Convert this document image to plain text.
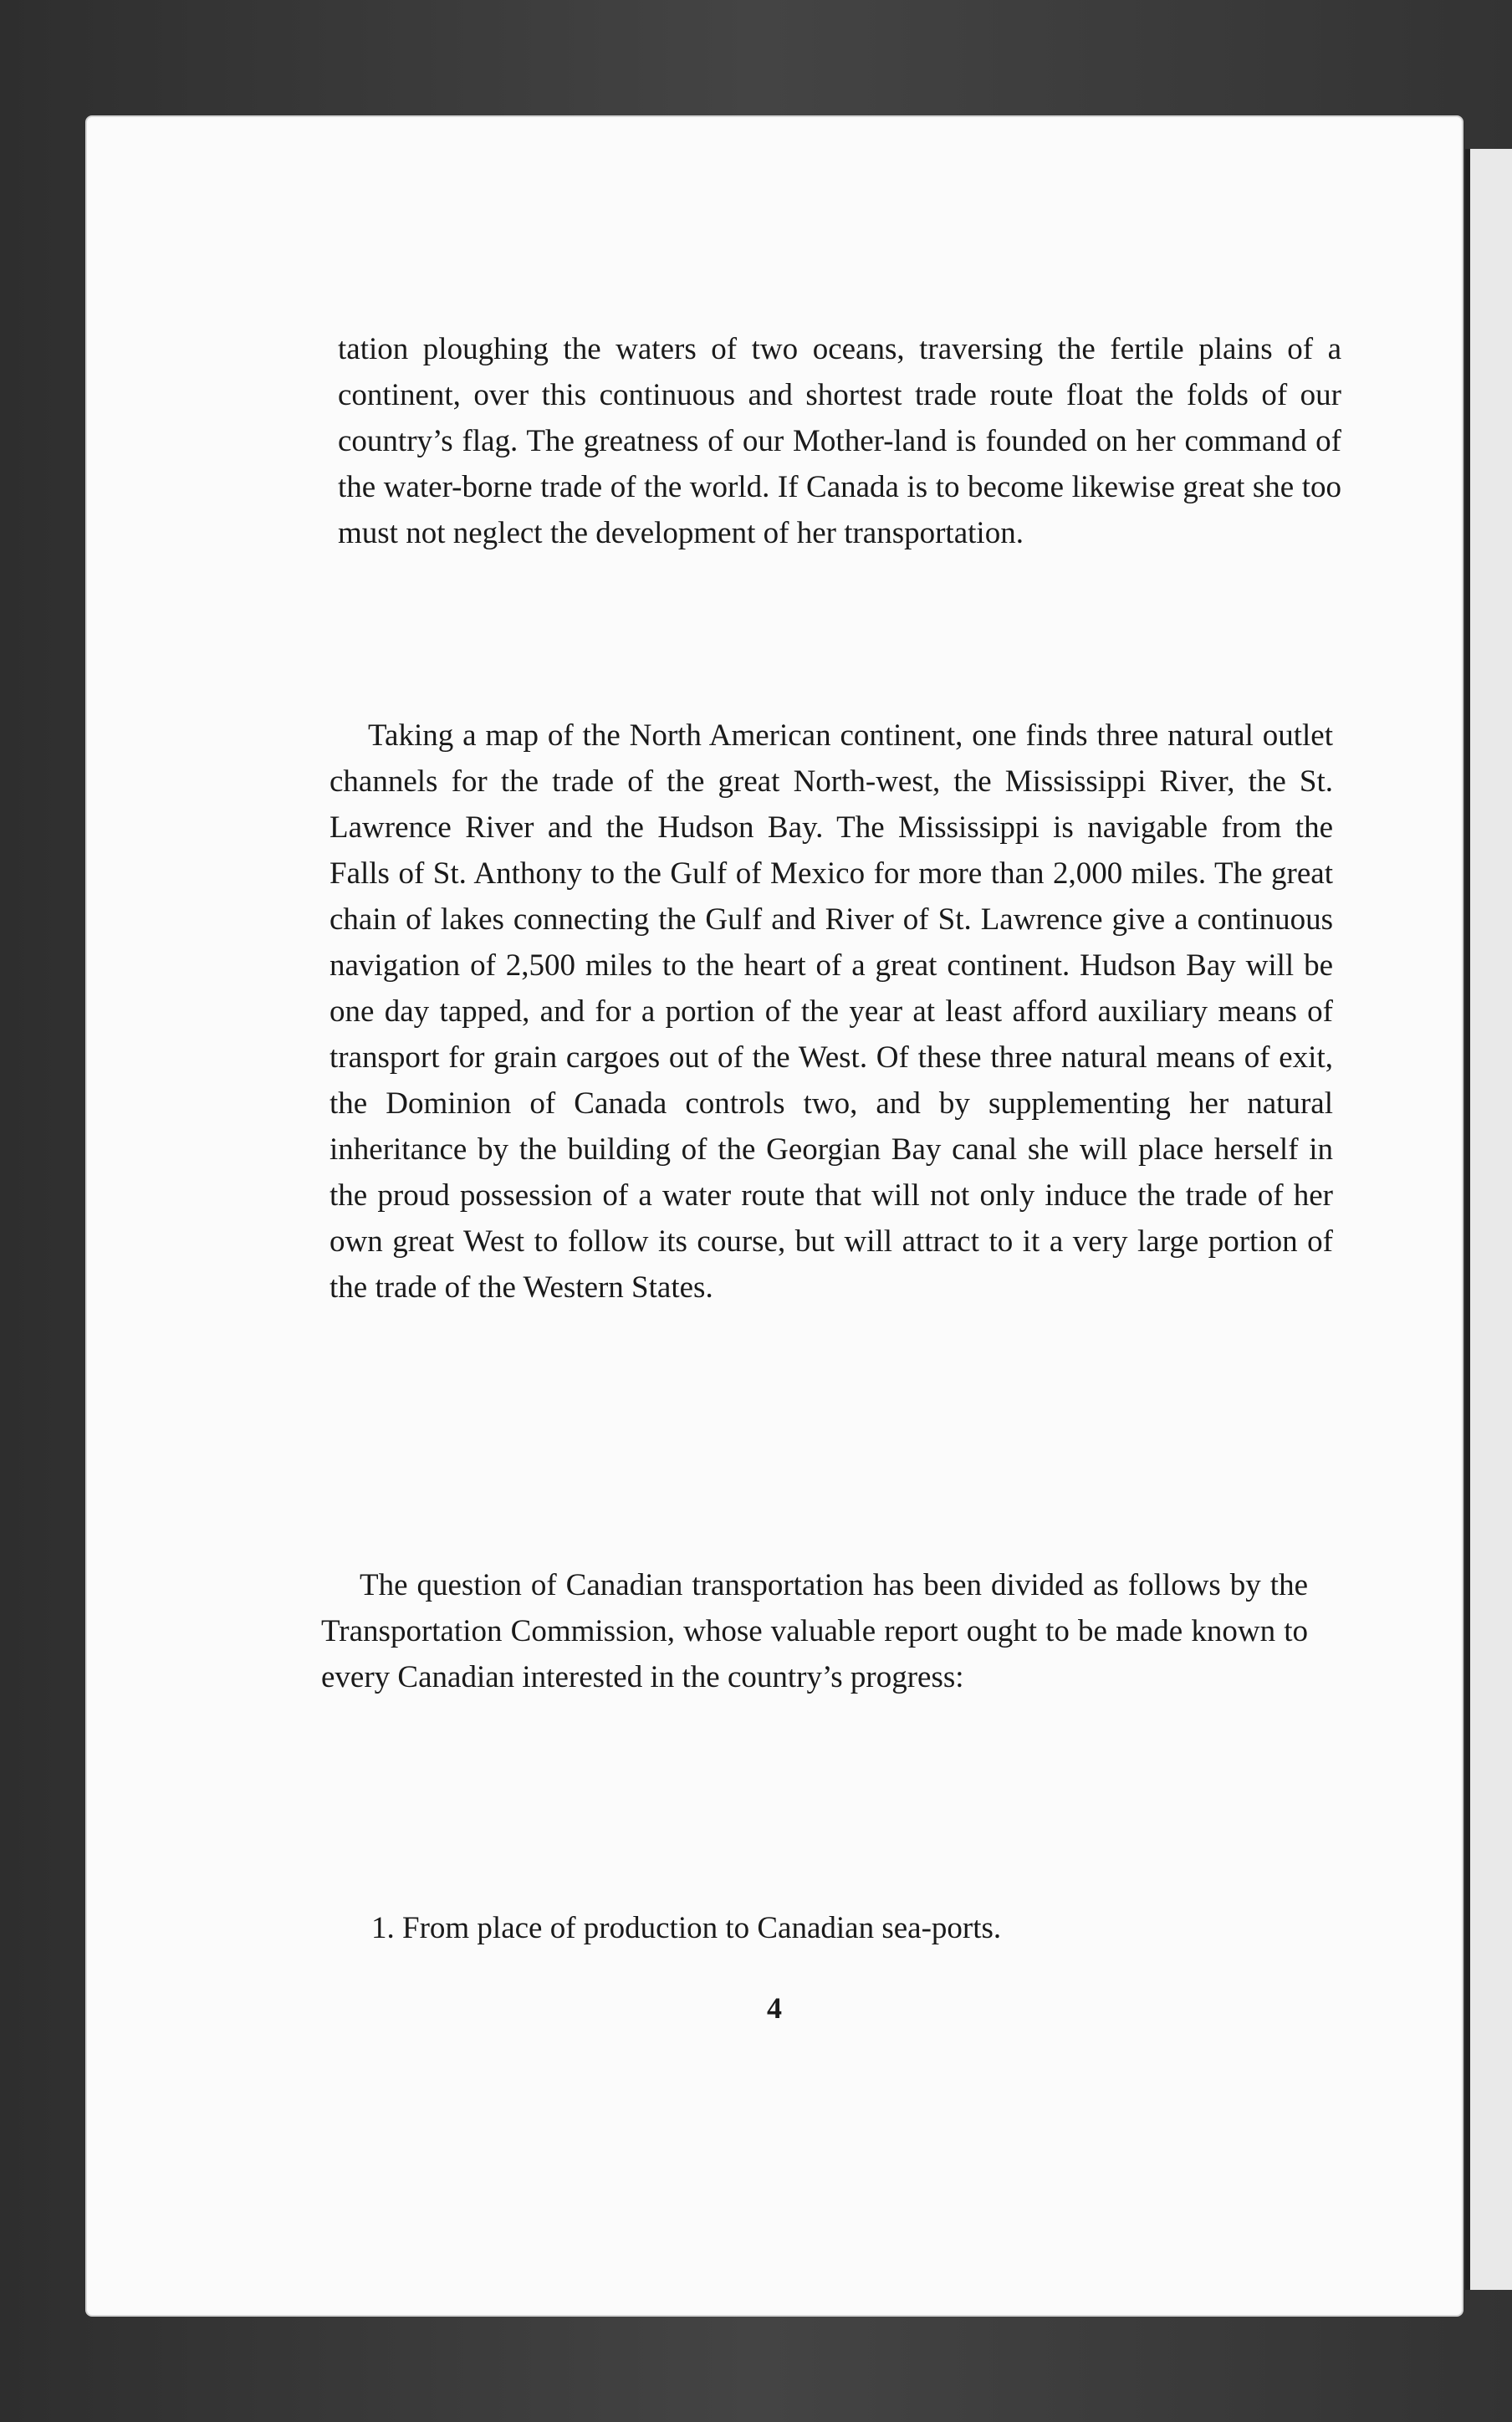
tation ploughing the waters of two oceans, traversing the fertile plains of a continent, over this continuous and shortest trade route float the folds of our country’s flag. The greatness of our Mother-land is founded on her command of the water-borne trade of the world. If Canada is to become likewise great she too must not neglect the development of her transportation.

Taking a map of the North American continent, one finds three natural outlet channels for the trade of the great North-west, the Mississippi River, the St. Lawrence River and the Hudson Bay. The Mississippi is navigable from the Falls of St. Anthony to the Gulf of Mexico for more than 2,000 miles. The great chain of lakes connecting the Gulf and River of St. Lawrence give a continuous navigation of 2,500 miles to the heart of a great continent. Hudson Bay will be one day tapped, and for a portion of the year at least afford auxiliary means of transport for grain cargoes out of the West. Of these three natural means of exit, the Dominion of Canada controls two, and by supplementing her natural inheritance by the building of the Georgian Bay canal she will place herself in the proud possession of a water route that will not only induce the trade of her own great West to follow its course, but will attract to it a very large portion of the trade of the Western States.

The question of Canadian transportation has been divided as follows by the Transportation Commission, whose valuable report ought to be made known to every Canadian interested in the country’s progress:

1. From place of production to Canadian sea-ports.

4
